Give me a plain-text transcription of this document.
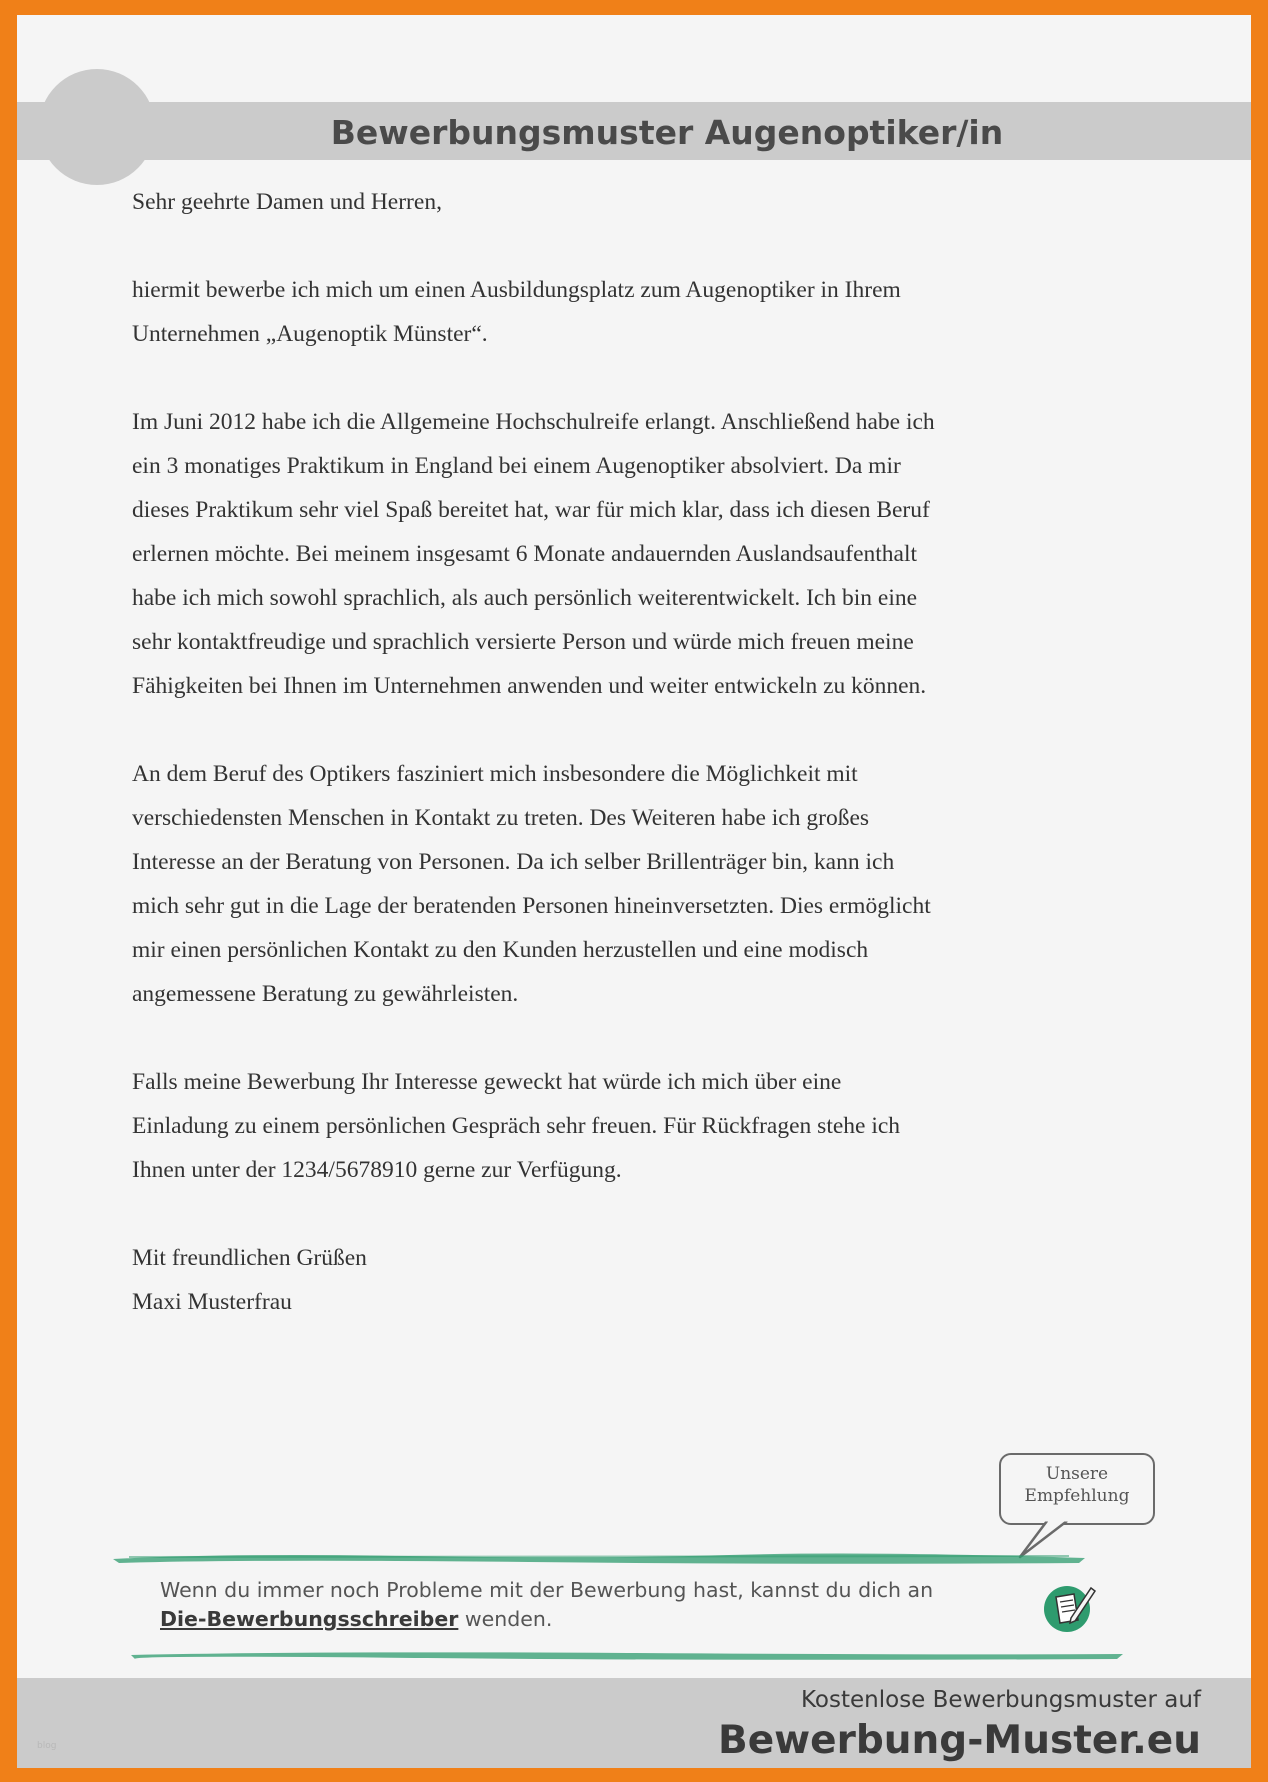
Bewerbungsmuster Augenoptiker/in
Sehr geehrte Damen und Herren,
hiermit bewerbe ich mich um einen Ausbildungsplatz zum Augenoptiker in Ihrem
Unternehmen „Augenoptik Münster“.
Im Juni 2012 habe ich die Allgemeine Hochschulreife erlangt. Anschließend habe ich
ein 3 monatiges Praktikum in England bei einem Augenoptiker absolviert. Da mir
dieses Praktikum sehr viel Spaß bereitet hat, war für mich klar, dass ich diesen Beruf
erlernen möchte. Bei meinem insgesamt 6 Monate andauernden Auslandsaufenthalt
habe ich mich sowohl sprachlich, als auch persönlich weiterentwickelt. Ich bin eine
sehr kontaktfreudige und sprachlich versierte Person und würde mich freuen meine
Fähigkeiten bei Ihnen im Unternehmen anwenden und weiter entwickeln zu können.
An dem Beruf des Optikers fasziniert mich insbesondere die Möglichkeit mit
verschiedensten Menschen in Kontakt zu treten. Des Weiteren habe ich großes
Interesse an der Beratung von Personen. Da ich selber Brillenträger bin, kann ich
mich sehr gut in die Lage der beratenden Personen hineinversetzten. Dies ermöglicht
mir einen persönlichen Kontakt zu den Kunden herzustellen und eine modisch
angemessene Beratung zu gewährleisten.
Falls meine Bewerbung Ihr Interesse geweckt hat würde ich mich über eine
Einladung zu einem persönlichen Gespräch sehr freuen. Für Rückfragen stehe ich
Ihnen unter der 1234/5678910 gerne zur Verfügung.
Mit freundlichen Grüßen
Maxi Musterfrau
Unsere
Empfehlung
Wenn du immer noch Probleme mit der Bewerbung hast, kannst du dich an
Die-Bewerbungsschreiber wenden.
blog
Kostenlose Bewerbungsmuster auf
Bewerbung-Muster.eu
